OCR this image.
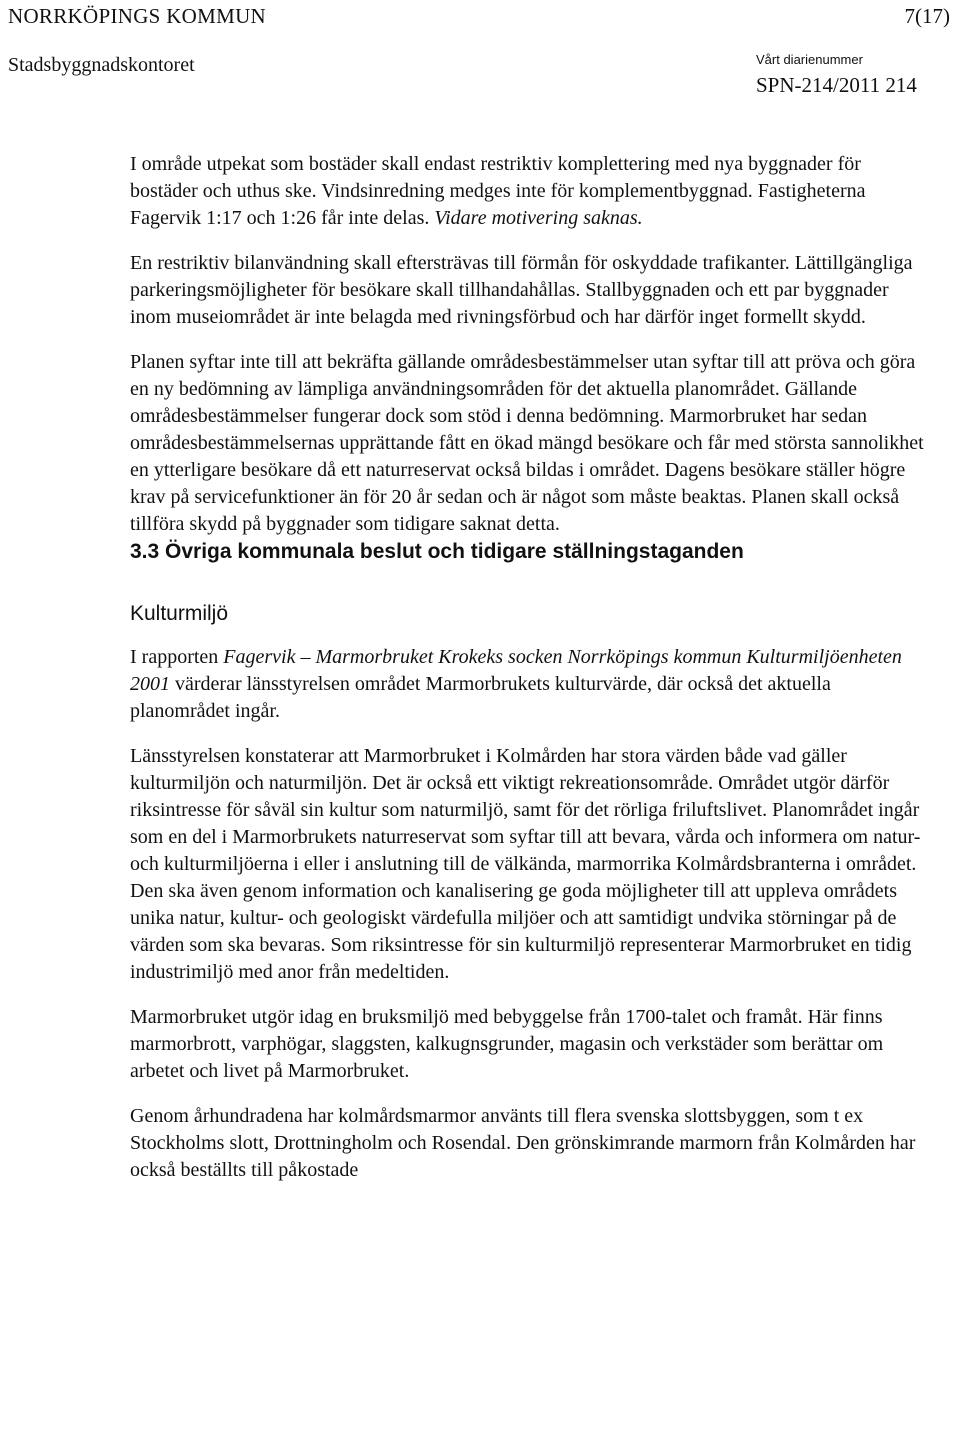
NORRKÖPINGS KOMMUN	7(17)
Stadsbyggnadskontoret	Vårt diarienummer
SPN-214/2011 214

I område utpekat som bostäder skall endast restriktiv komplettering med nya byggnader för bostäder och uthus ske. Vindsinredning medges inte för komplementbyggnad. Fastigheterna Fagervik 1:17 och 1:26 får inte delas. Vidare motivering saknas.

En restriktiv bilanvändning skall eftersträvas till förmån för oskyddade trafikanter. Lättillgängliga parkeringsmöjligheter för besökare skall tillhandahållas. Stallbyggnaden och ett par byggnader inom museiområdet är inte belagda med rivningsförbud och har därför inget formellt skydd.

Planen syftar inte till att bekräfta gällande områdesbestämmelser utan syftar till att pröva och göra en ny bedömning av lämpliga användningsområden för det aktuella planområdet. Gällande områdesbestämmelser fungerar dock som stöd i denna bedömning. Marmorbruket har sedan områdesbestämmelsernas upprättande fått en ökad mängd besökare och får med största sannolikhet en ytterligare besökare då ett naturreservat också bildas i området. Dagens besökare ställer högre krav på servicefunktioner än för 20 år sedan och är något som måste beaktas. Planen skall också tillföra skydd på byggnader som tidigare saknat detta.

3.3 Övriga kommunala beslut och tidigare ställningstaganden
Kulturmiljö

I rapporten Fagervik – Marmorbruket Krokeks socken Norrköpings kommun Kulturmiljöenheten 2001 värderar länsstyrelsen området Marmorbrukets kulturvärde, där också det aktuella planområdet ingår.

Länsstyrelsen konstaterar att Marmorbruket i Kolmården har stora värden både vad gäller kulturmiljön och naturmiljön. Det är också ett viktigt rekreationsområde. Området utgör därför riksintresse för såväl sin kultur som naturmiljö, samt för det rörliga friluftslivet. Planområdet ingår som en del i Marmorbrukets naturreservat som syftar till att bevara, vårda och informera om natur- och kulturmiljöerna i eller i anslutning till de välkända, marmorrika Kolmårdsbranterna i området. Den ska även genom information och kanalisering ge goda möjligheter till att uppleva områdets unika natur, kultur- och geologiskt värdefulla miljöer och att samtidigt undvika störningar på de värden som ska bevaras. Som riksintresse för sin kulturmiljö representerar Marmorbruket en tidig industrimiljö med anor från medeltiden.

Marmorbruket utgör idag en bruksmiljö med bebyggelse från 1700-talet och framåt. Här finns marmorbrott, varphögar, slaggsten, kalkugnsgrunder, magasin och verkstäder som berättar om arbetet och livet på Marmorbruket.

Genom århundradena har kolmårdsmarmor använts till flera svenska slottsbyggen, som t ex Stockholms slott, Drottningholm och Rosendal. Den grönskimrande marmorn från Kolmården har också beställts till påkostade
